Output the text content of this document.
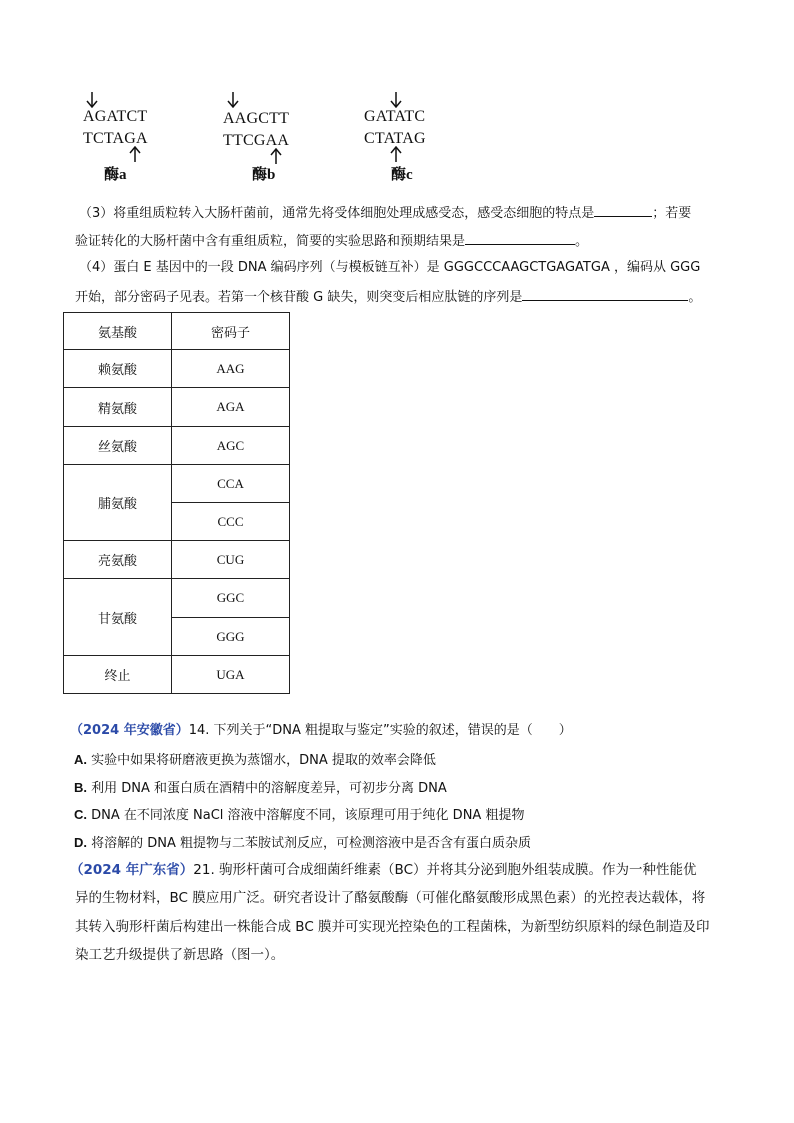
AGATCT
TCTAGA
酶a
AAGCTT
TTCGAA
酶b
GATATC
CTATAG
酶c
（3）将重组质粒转入大肠杆菌前，通常先将受体细胞处理成感受态，感受态细胞的特点是	；若要
验证转化的大肠杆菌中含有重组质粒，简要的实验思路和预期结果是	。
（4）蛋白 E 基因中的一段 DNA 编码序列（与模板链互补）是 GGGCCCAAGCTGAGATGA ，编码从 GGG
开始，部分密码子见表。若第一个核苷酸 G 缺失，则突变后相应肽链的序列是	。
氨基酸	密码子
赖氨酸	AAG
精氨酸	AGA
丝氨酸	AGC
脯氨酸	CCA
	CCC
亮氨酸	CUG
甘氨酸	GGC
	GGG
终止	UGA
（2024 年安徽省）14. 下列关于“DNA 粗提取与鉴定”实验的叙述，错误的是（　　）
A. 实验中如果将研磨液更换为蒸馏水，DNA 提取的效率会降低
B. 利用 DNA 和蛋白质在酒精中的溶解度差异，可初步分离 DNA
C. DNA 在不同浓度 NaCl 溶液中溶解度不同，该原理可用于纯化 DNA 粗提物
D. 将溶解的 DNA 粗提物与二苯胺试剂反应，可检测溶液中是否含有蛋白质杂质
（2024 年广东省）21. 驹形杆菌可合成细菌纤维素（BC）并将其分泌到胞外组装成膜。作为一种性能优
异的生物材料，BC 膜应用广泛。研究者设计了酪氨酸酶（可催化酪氨酸形成黑色素）的光控表达载体，将
其转入驹形杆菌后构建出一株能合成 BC 膜并可实现光控染色的工程菌株，为新型纺织原料的绿色制造及印
染工艺升级提供了新思路（图一）。
